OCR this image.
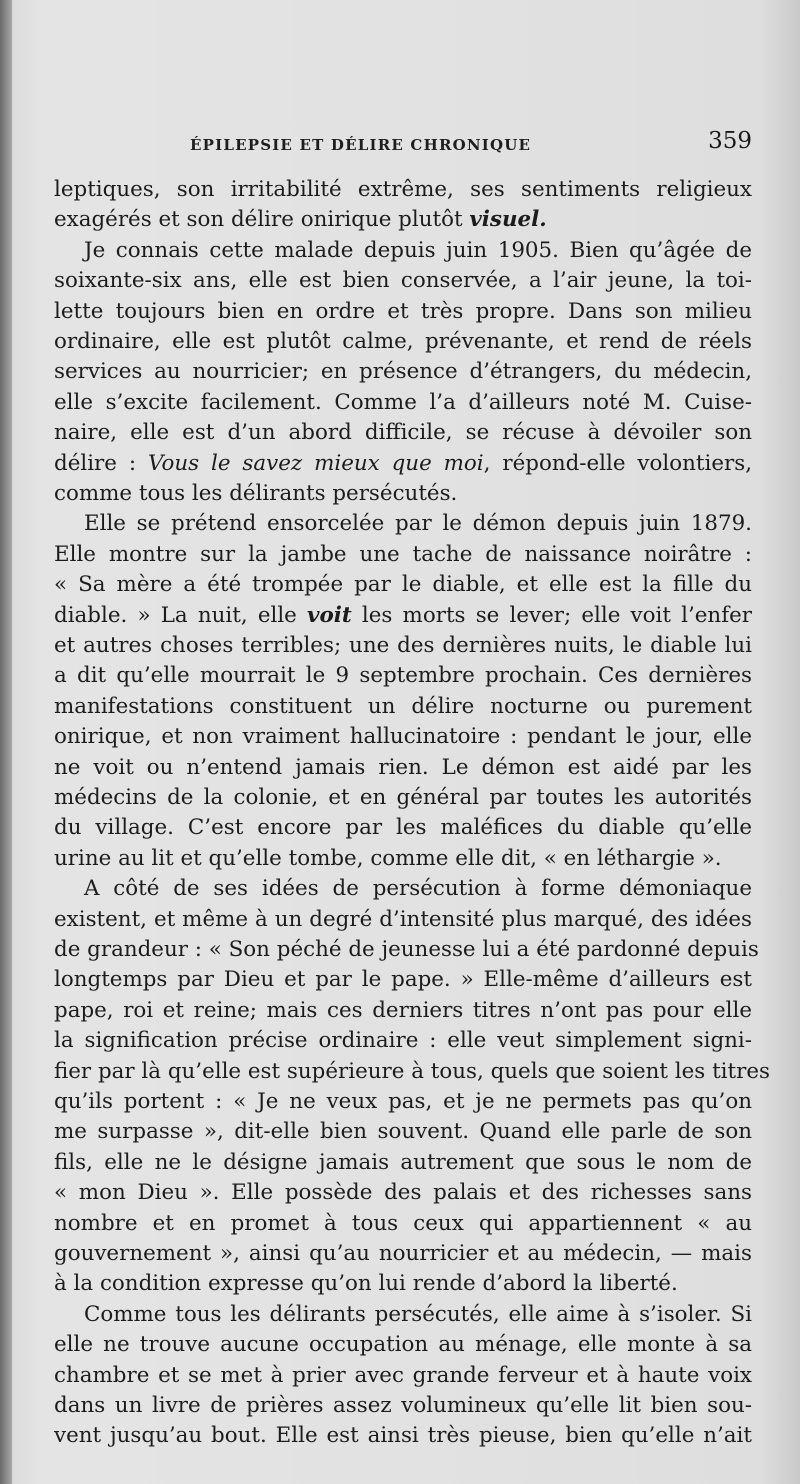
ÉPILEPSIE ET DÉLIRE CHRONIQUE	359
leptiques, son irritabilité extrême, ses sentiments religieux
exagérés et son délire onirique plutôt visuel.
Je connais cette malade depuis juin 1905. Bien qu’âgée de
soixante-six ans, elle est bien conservée, a l’air jeune, la toi-
lette toujours bien en ordre et très propre. Dans son milieu
ordinaire, elle est plutôt calme, prévenante, et rend de réels
services au nourricier; en présence d’étrangers, du médecin,
elle s’excite facilement. Comme l’a d’ailleurs noté M. Cuise-
naire, elle est d’un abord difficile, se récuse à dévoiler son
délire : Vous le savez mieux que moi, répond-elle volontiers,
comme tous les délirants persécutés.
Elle se prétend ensorcelée par le démon depuis juin 1879.
Elle montre sur la jambe une tache de naissance noirâtre :
« Sa mère a été trompée par le diable, et elle est la fille du
diable. » La nuit, elle voit les morts se lever; elle voit l’enfer
et autres choses terribles; une des dernières nuits, le diable lui
a dit qu’elle mourrait le 9 septembre prochain. Ces dernières
manifestations constituent un délire nocturne ou purement
onirique, et non vraiment hallucinatoire : pendant le jour, elle
ne voit ou n’entend jamais rien. Le démon est aidé par les
médecins de la colonie, et en général par toutes les autorités
du village. C’est encore par les maléfices du diable qu’elle
urine au lit et qu’elle tombe, comme elle dit, « en léthargie ».
A côté de ses idées de persécution à forme démoniaque
existent, et même à un degré d’intensité plus marqué, des idées
de grandeur : « Son péché de jeunesse lui a été pardonné depuis
longtemps par Dieu et par le pape. » Elle-même d’ailleurs est
pape, roi et reine; mais ces derniers titres n’ont pas pour elle
la signification précise ordinaire : elle veut simplement signi-
fier par là qu’elle est supérieure à tous, quels que soient les titres
qu’ils portent : « Je ne veux pas, et je ne permets pas qu’on
me surpasse », dit-elle bien souvent. Quand elle parle de son
fils, elle ne le désigne jamais autrement que sous le nom de
« mon Dieu ». Elle possède des palais et des richesses sans
nombre et en promet à tous ceux qui appartiennent « au
gouvernement », ainsi qu’au nourricier et au médecin, — mais
à la condition expresse qu’on lui rende d’abord la liberté.
Comme tous les délirants persécutés, elle aime à s’isoler. Si
elle ne trouve aucune occupation au ménage, elle monte à sa
chambre et se met à prier avec grande ferveur et à haute voix
dans un livre de prières assez volumineux qu’elle lit bien sou-
vent jusqu’au bout. Elle est ainsi très pieuse, bien qu’elle n’ait
